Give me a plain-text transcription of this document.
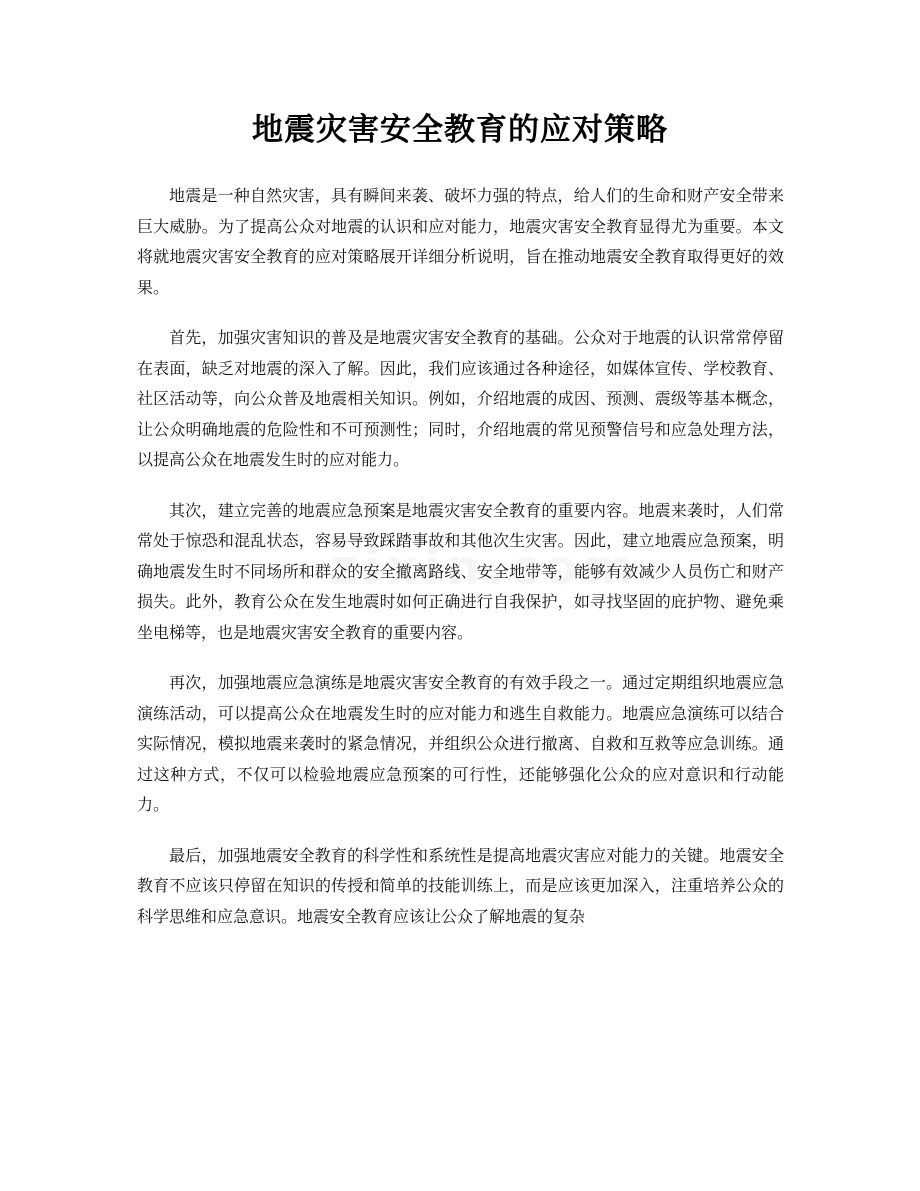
地震灾害安全教育的应对策略

地震是一种自然灾害，具有瞬间来袭、破坏力强的特点，给人们的生命和财产安全带来巨大威胁。为了提高公众对地震的认识和应对能力，地震灾害安全教育显得尤为重要。本文将就地震灾害安全教育的应对策略展开详细分析说明，旨在推动地震安全教育取得更好的效果。

首先，加强灾害知识的普及是地震灾害安全教育的基础。公众对于地震的认识常常停留在表面，缺乏对地震的深入了解。因此，我们应该通过各种途径，如媒体宣传、学校教育、社区活动等，向公众普及地震相关知识。例如，介绍地震的成因、预测、震级等基本概念，让公众明确地震的危险性和不可预测性；同时，介绍地震的常见预警信号和应急处理方法，以提高公众在地震发生时的应对能力。

其次，建立完善的地震应急预案是地震灾害安全教育的重要内容。地震来袭时，人们常常处于惊恐和混乱状态，容易导致踩踏事故和其他次生灾害。因此，建立地震应急预案，明确地震发生时不同场所和群众的安全撤离路线、安全地带等，能够有效减少人员伤亡和财产损失。此外，教育公众在发生地震时如何正确进行自我保护，如寻找坚固的庇护物、避免乘坐电梯等，也是地震灾害安全教育的重要内容。

再次，加强地震应急演练是地震灾害安全教育的有效手段之一。通过定期组织地震应急演练活动，可以提高公众在地震发生时的应对能力和逃生自救能力。地震应急演练可以结合实际情况，模拟地震来袭时的紧急情况，并组织公众进行撤离、自救和互救等应急训练。通过这种方式，不仅可以检验地震应急预案的可行性，还能够强化公众的应对意识和行动能力。

最后，加强地震安全教育的科学性和系统性是提高地震灾害应对能力的关键。地震安全教育不应该只停留在知识的传授和简单的技能训练上，而是应该更加深入，注重培养公众的科学思维和应急意识。地震安全教育应该让公众了解地震的复杂
